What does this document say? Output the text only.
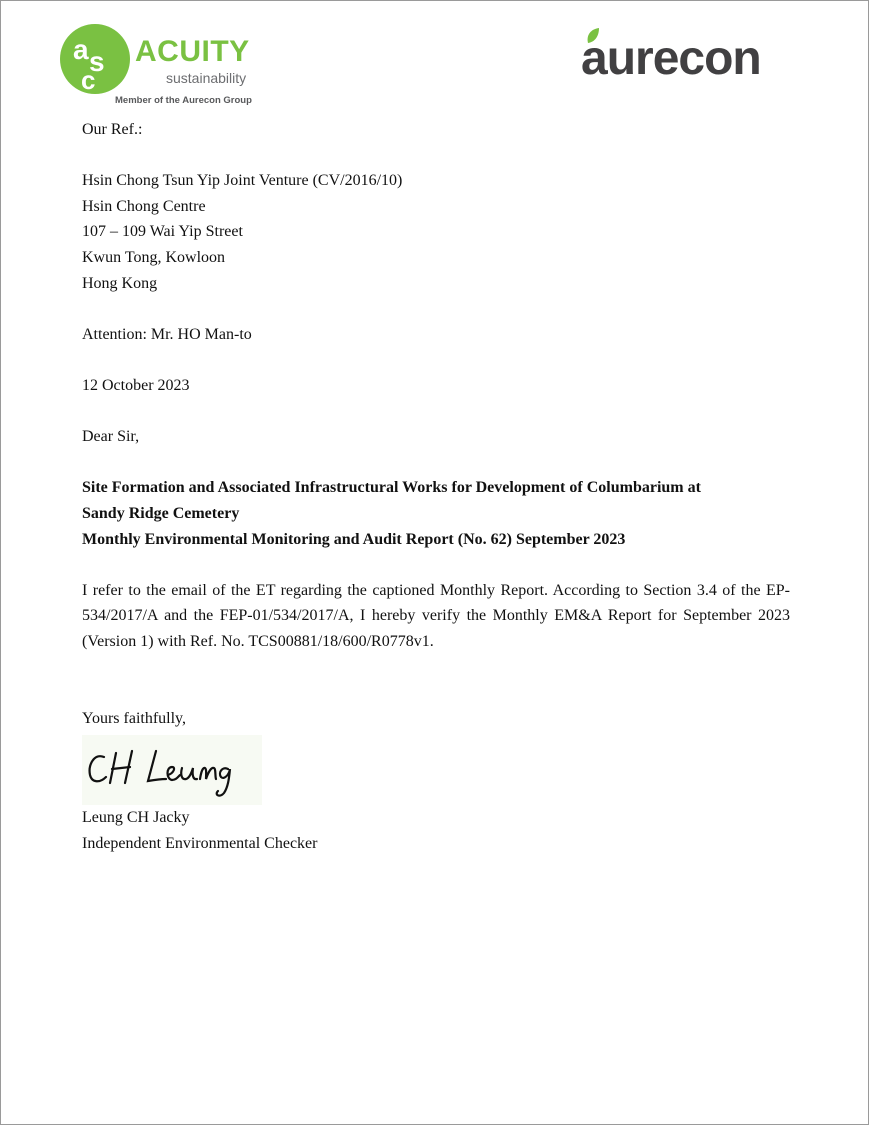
a s
c
ACUITY
sustainability
Member of the Aurecon Group
aurecon

Our Ref.:

Hsin Chong Tsun Yip Joint Venture (CV/2016/10)

Hsin Chong Centre

107 – 109 Wai Yip Street

Kwun Tong, Kowloon

Hong Kong

Attention: Mr. HO Man-to

12 October 2023

Dear Sir,

Site Formation and Associated Infrastructural Works for Development of Columbarium at

Sandy Ridge Cemetery

Monthly Environmental Monitoring and Audit Report (No. 62) September 2023

I refer to the email of the ET regarding the captioned Monthly Report. According to Section 3.4 of the EP-534/2017/A and the FEP-01/534/2017/A, I hereby verify the Monthly EM&A Report for September 2023 (Version 1) with Ref. No. TCS00881/18/600/R0778v1.

Yours faithfully,

Leung CH Jacky

Independent Environmental Checker
